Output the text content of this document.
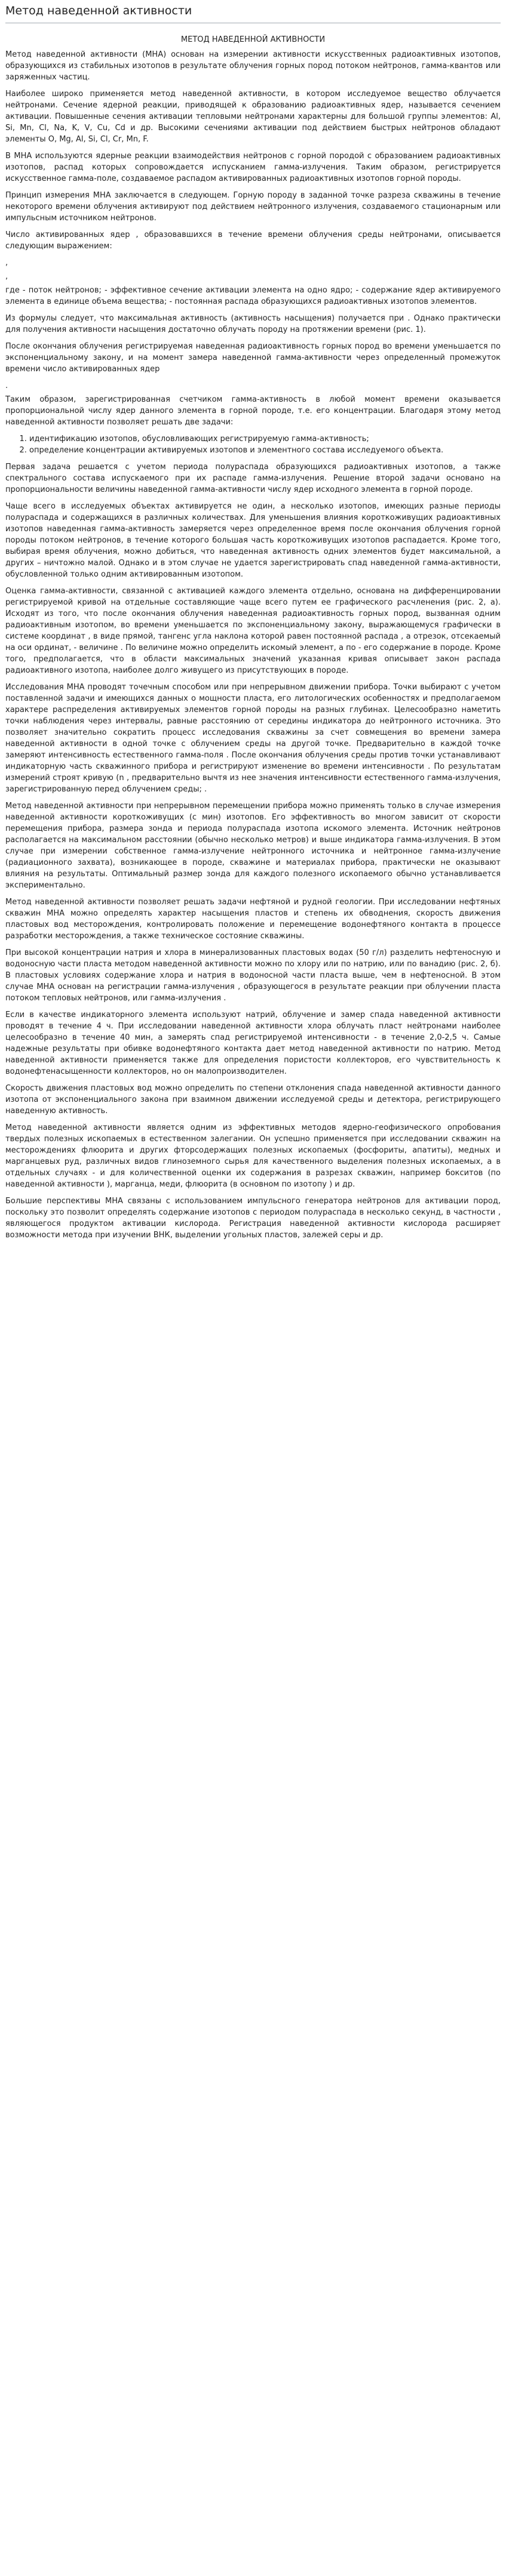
Метод наведенной активности
МЕТОД НАВЕДЕННОЙ АКТИВНОСТИ

Метод наведенной активности (МНА) основан на измерении активности искусственных радиоактивных изотопов, образующихся из стабильных изотопов в результате облучения горных пород потоком нейтронов, гамма-квантов или заряженных частиц.

Наиболее широко применяется метод наведенной активности, в котором исследуемое вещество облучается нейтронами. Сечение ядерной реакции, приводящей к образованию радиоактивных ядер, называется сечением активации. Повышенные сечения активации тепловыми нейтронами характерны для большой группы элементов: Al, Si, Mn, Cl, Na, K, V, Cu, Cd и др. Высокими сечениями активации под действием быстрых нейтронов обладают элементы O, Mg, Al, Si, Cl, Cr, Mn, F.

В МНА используются ядерные реакции взаимодействия нейтронов с горной породой с образованием радиоактивных изотопов, распад которых сопровождается испусканием гамма-излучения. Таким образом, регистрируется искусственное гамма-поле, создаваемое распадом активированных радиоактивных изотопов горной породы.

Принцип измерения МНА заключается в следующем. Горную породу в заданной точке разреза скважины в течение некоторого времени облучения активируют под действием нейтронного излучения, создаваемого стационарным или импульсным источником нейтронов.

Число активированных ядер , образовавшихся в течение времени облучения среды нейтронами, описывается следующим выражением:

,
,

где - поток нейтронов; - эффективное сечение активации элемента на одно ядро; - содержание ядер активируемого элемента в единице объема вещества; - постоянная распада образующихся радиоактивных изотопов элементов.

Из формулы следует, что максимальная активность (активность насыщения) получается при . Однако практически для получения активности насыщения достаточно облучать породу на протяжении времени (рис. 1).

После окончания облучения регистрируемая наведенная радиоактивность горных пород во времени уменьшается по экспоненциальному закону, и на момент замера наведенной гамма-активности через определенный промежуток времени число активированных ядер

.

Таким образом, зарегистрированная счетчиком гамма-активность в любой момент времени оказывается пропорциональной числу ядер данного элемента в горной породе, т.е. его концентрации. Благодаря этому метод наведенной активности позволяет решать две задачи:

1. идентификацию изотопов, обусловливающих регистрируемую гамма-активность;
2. определение концентрации активируемых изотопов и элементного состава исследуемого объекта.

Первая задача решается с учетом периода полураспада образующихся радиоактивных изотопов, а также спектрального состава испускаемого при их распаде гамма-излучения. Решение второй задачи основано на пропорциональности величины наведенной гамма-активности числу ядер исходного элемента в горной породе.

Чаще всего в исследуемых объектах активируется не один, а несколько изотопов, имеющих разные периоды полураспада и содержащихся в различных количествах. Для уменьшения влияния короткоживущих радиоактивных изотопов наведенная гамма-активность замеряется через определенное время после окончания облучения горной породы потоком нейтронов, в течение которого большая часть короткоживущих изотопов распадается. Кроме того, выбирая время облучения, можно добиться, что наведенная активность одних элементов будет максимальной, а других – ничтожно малой. Однако и в этом случае не удается зарегистрировать спад наведенной гамма-активности, обусловленной только одним активированным изотопом.

Оценка гамма-активности, связанной с активацией каждого элемента отдельно, основана на дифференцировании регистрируемой кривой на отдельные составляющие чаще всего путем ее графического расчленения (рис. 2, а). Исходят из того, что после окончания облучения наведенная радиоактивность горных пород, вызванная одним радиоактивным изотопом, во времени уменьшается по экспоненциальному закону, выражающемуся графически в системе координат , в виде прямой, тангенс угла наклона которой равен постоянной распада , а отрезок, отсекаемый на оси ординат, - величине . По величине можно определить искомый элемент, а по - его содержание в породе. Кроме того, предполагается, что в области максимальных значений указанная кривая описывает закон распада радиоактивного изотопа, наиболее долго живущего из присутствующих в породе.

Исследования МНА проводят точечным способом или при непрерывном движении прибора. Точки выбирают с учетом поставленной задачи и имеющихся данных о мощности пласта, его литологических особенностях и предполагаемом характере распределения активируемых элементов горной породы на разных глубинах. Целесообразно наметить точки наблюдения через интервалы, равные расстоянию от середины индикатора до нейтронного источника. Это позволяет значительно сократить процесс исследования скважины за счет совмещения во времени замера наведенной активности в одной точке с облучением среды на другой точке. Предварительно в каждой точке замеряют интенсивность естественного гамма-поля . После окончания облучения среды против точки устанавливают индикаторную часть скважинного прибора и регистрируют изменение во времени интенсивности . По результатам измерений строят кривую (n , предварительно вычтя из нее значения интенсивности естественного гамма-излучения, зарегистрированную перед облучением среды; .

Метод наведенной активности при непрерывном перемещении прибора можно применять только в случае измерения наведенной активности короткоживущих (с мин) изотопов. Его эффективность во многом зависит от скорости перемещения прибора, размера зонда и периода полураспада изотопа искомого элемента. Источник нейтронов располагается на максимальном расстоянии (обычно несколько метров) и выше индикатора гамма-излучения. В этом случае при измерении собственное гамма-излучение нейтронного источника и нейтронное гамма-излучение (радиационного захвата), возникающее в породе, скважине и материалах прибора, практически не оказывают влияния на результаты. Оптимальный размер зонда для каждого полезного ископаемого обычно устанавливается экспериментально.

Метод наведенной активности позволяет решать задачи нефтяной и рудной геологии. При исследовании нефтяных скважин МНА можно определять характер насыщения пластов и степень их обводнения, скорость движения пластовых вод месторождения, контролировать положение и перемещение водонефтяного контакта в процессе разработки месторождения, а также техническое состояние скважины.

При высокой концентрации натрия и хлора в минерализованных пластовых водах (50 г/л) разделить нефтеносную и водоносную части пласта методом наведенной активности можно по хлору или по натрию, или по ванадию (рис. 2, б). В пластовых условиях содержание хлора и натрия в водоносной части пласта выше, чем в нефтеносной. В этом случае МНА основан на регистрации гамма-излучения , образующегося в результате реакции при облучении пласта потоком тепловых нейтронов, или гамма-излучения .

Если в качестве индикаторного элемента используют натрий, облучение и замер спада наведенной активности проводят в течение 4 ч. При исследовании наведенной активности хлора облучать пласт нейтронами наиболее целесообразно в течение 40 мин, а замерять спад регистрируемой интенсивности - в течение 2,0-2,5 ч. Самые надежные результаты при обивке водонефтяного контакта дает метод наведенной активности по натрию. Метод наведенной активности применяется также для определения пористости коллекторов, его чувствительность к водонефтенасыщенности коллекторов, но он малопроизводителен.

Скорость движения пластовых вод можно определить по степени отклонения спада наведенной активности данного изотопа от экспоненциального закона при взаимном движении исследуемой среды и детектора, регистрирующего наведенную активность.

Метод наведенной активности является одним из эффективных методов ядерно-геофизического опробования твердых полезных ископаемых в естественном залегании. Он успешно применяется при исследовании скважин на месторождениях флюорита и других фторсодержащих полезных ископаемых (фосфориты, апатиты), медных и марганцевых руд, различных видов глиноземного сырья для качественного выделения полезных ископаемых, а в отдельных случаях - и для количественной оценки их содержания в разрезах скважин, например бокситов (по наведенной активности ), марганца, меди, флюорита (в основном по изотопу ) и др.

Большие перспективы МНА связаны с использованием импульсного генератора нейтронов для активации пород, поскольку это позволит определять содержание изотопов с периодом полураспада в несколько секунд, в частности , являющегося продуктом активации кислорода. Регистрация наведенной активности кислорода расширяет возможности метода при изучении ВНК, выделении угольных пластов, залежей серы и др.
